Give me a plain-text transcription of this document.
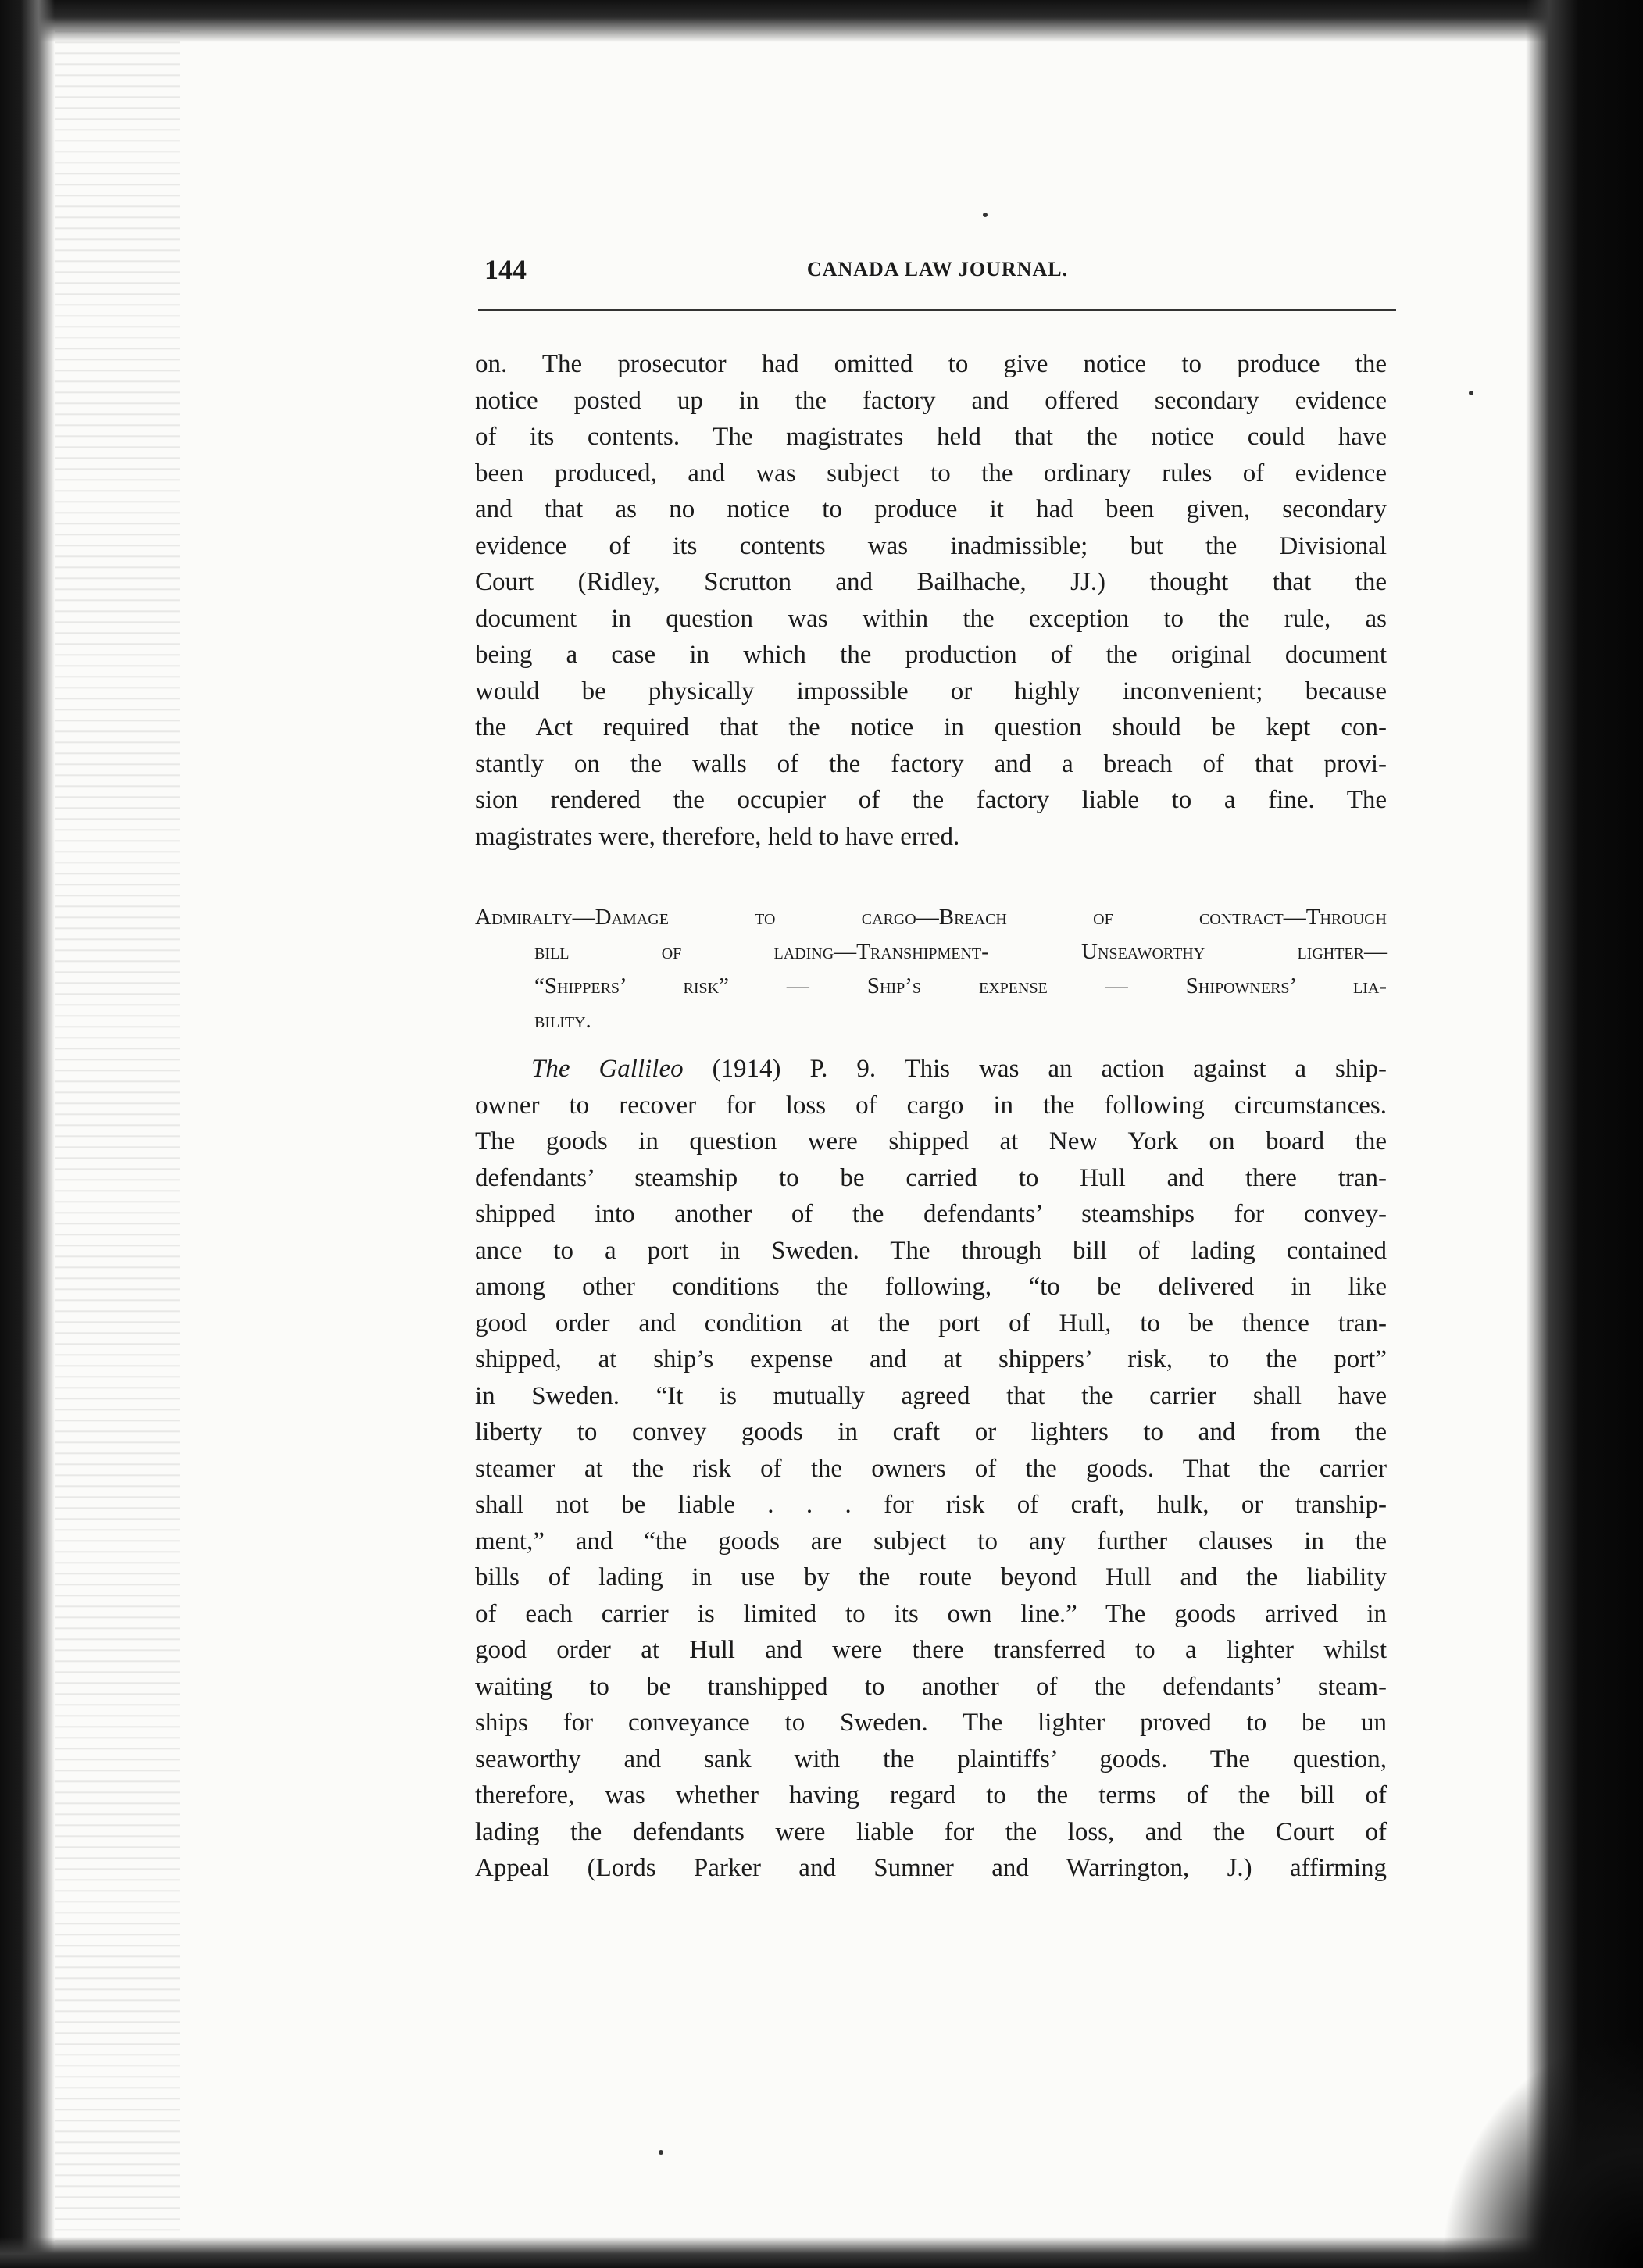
144	CANADA LAW JOURNAL.
on. The prosecutor had omitted to give notice to produce the
notice posted up in the factory and offered secondary evidence
of its contents. The magistrates held that the notice could have
been produced, and was subject to the ordinary rules of evidence
and that as no notice to produce it had been given, secondary
evidence of its contents was inadmissible; but the Divisional
Court (Ridley, Scrutton and Bailhache, JJ.) thought that the
document in question was within the exception to the rule, as
being a case in which the production of the original document
would be physically impossible or highly inconvenient; because
the Act required that the notice in question should be kept con-
stantly on the walls of the factory and a breach of that provi-
sion rendered the occupier of the factory liable to a fine. The
magistrates were, therefore, held to have erred.
Admiralty—Damage to cargo—Breach of contract—Through
bill of lading—Transhipment- Unseaworthy lighter—
“Shippers’ risk” — Ship’s expense — Shipowners’ lia-
bility.
The Gallileo (1914) P. 9. This was an action against a ship-
owner to recover for loss of cargo in the following circumstances.
The goods in question were shipped at New York on board the
defendants’ steamship to be carried to Hull and there tran-
shipped into another of the defendants’ steamships for convey-
ance to a port in Sweden. The through bill of lading contained
among other conditions the following, “to be delivered in like
good order and condition at the port of Hull, to be thence tran-
shipped, at ship’s expense and at shippers’ risk, to the port”
in Sweden. “It is mutually agreed that the carrier shall have
liberty to convey goods in craft or lighters to and from the
steamer at the risk of the owners of the goods. That the carrier
shall not be liable . . . for risk of craft, hulk, or tranship-
ment,” and “the goods are subject to any further clauses in the
bills of lading in use by the route beyond Hull and the liability
of each carrier is limited to its own line.” The goods arrived in
good order at Hull and were there transferred to a lighter whilst
waiting to be transhipped to another of the defendants’ steam-
ships for conveyance to Sweden. The lighter proved to be un
seaworthy and sank with the plaintiffs’ goods. The question,
therefore, was whether having regard to the terms of the bill of
lading the defendants were liable for the loss, and the Court of
Appeal (Lords Parker and Sumner and Warrington, J.) affirming
